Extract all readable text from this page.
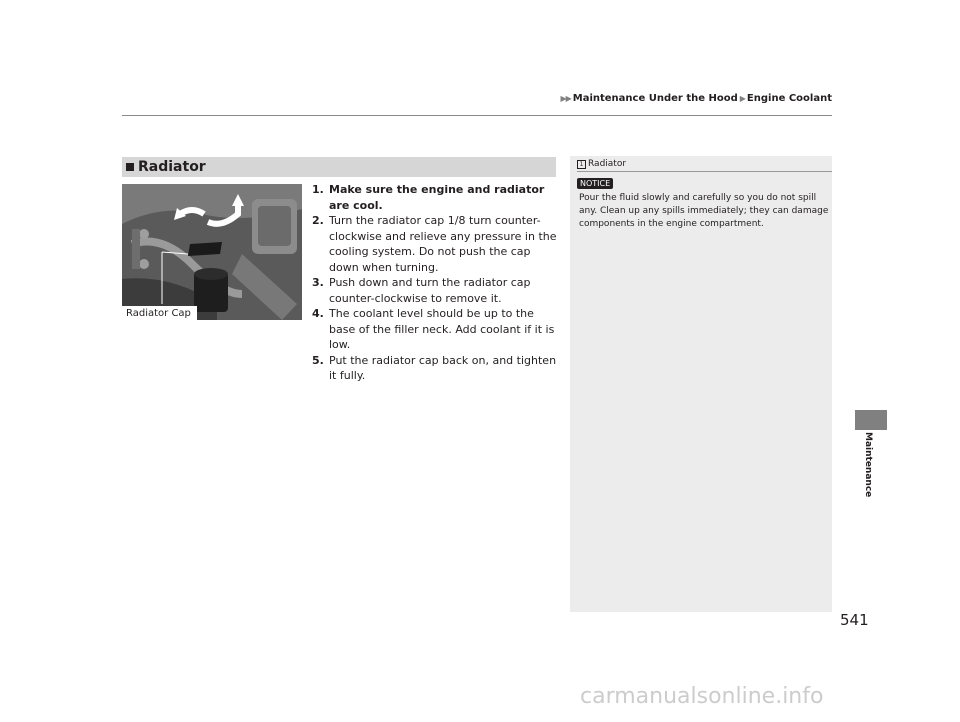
▶▶ Maintenance Under the Hood ▶ Engine Coolant
Radiator
Radiator Cap
1. Make sure the engine and radiator are cool.
2. Turn the radiator cap 1/8 turn counter-clockwise and relieve any pressure in the cooling system. Do not push the cap down when turning.
3. Push down and turn the radiator cap counter-clockwise to remove it.
4. The coolant level should be up to the base of the filler neck. Add coolant if it is low.
5. Put the radiator cap back on, and tighten it fully.
1 Radiator
NOTICE
Pour the fluid slowly and carefully so you do not spill any. Clean up any spills immediately; they can damage components in the engine compartment.
Maintenance
541
carmanualsonline.info
